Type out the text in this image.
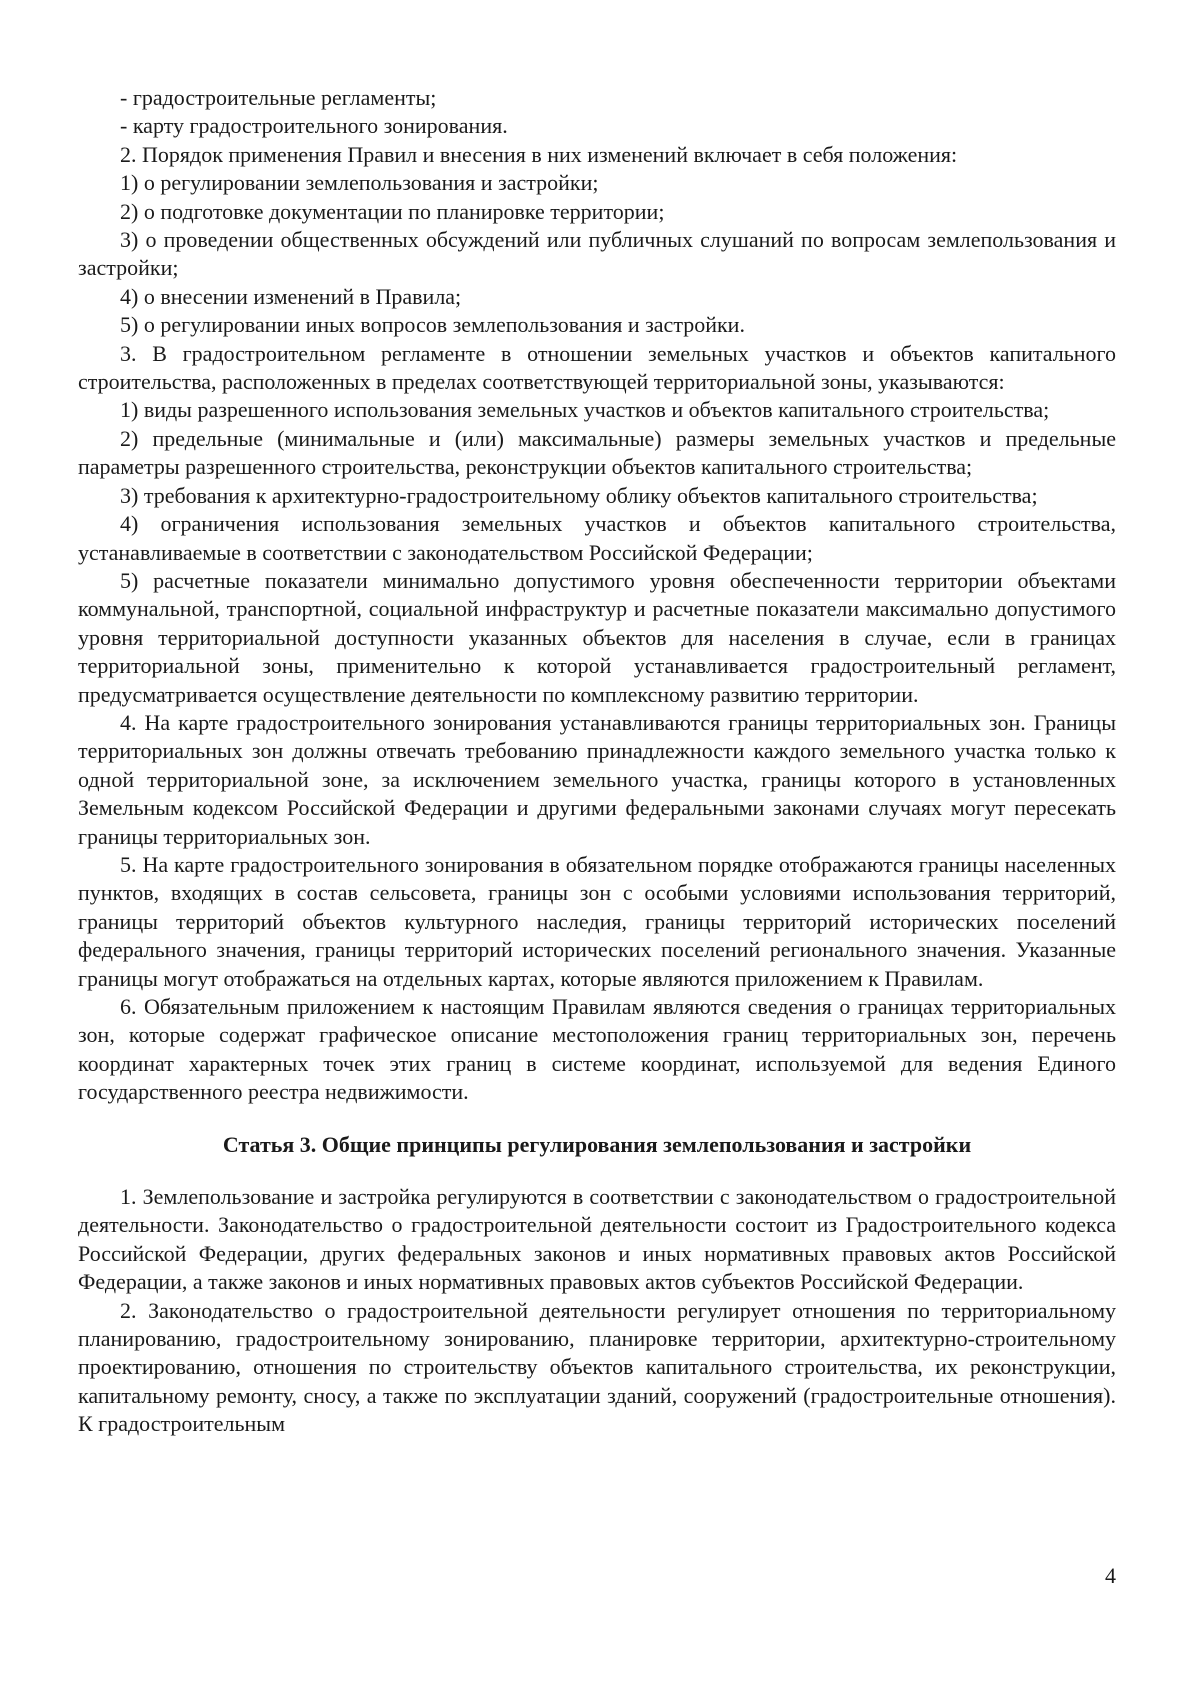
- градостроительные регламенты;

- карту градостроительного зонирования.

2. Порядок применения Правил и внесения в них изменений включает в себя положения:

1) о регулировании землепользования и застройки;

2) о подготовке документации по планировке территории;

3) о проведении общественных обсуждений или публичных слушаний по вопросам землепользования и застройки;

4) о внесении изменений в Правила;

5) о регулировании иных вопросов землепользования и застройки.

3. В градостроительном регламенте в отношении земельных участков и объектов капитального строительства, расположенных в пределах соответствующей территориальной зоны, указываются:

1) виды разрешенного использования земельных участков и объектов капитального строительства;

2) предельные (минимальные и (или) максимальные) размеры земельных участков и предельные параметры разрешенного строительства, реконструкции объектов капитального строительства;

3) требования к архитектурно-градостроительному облику объектов капитального строительства;

4) ограничения использования земельных участков и объектов капитального строительства, устанавливаемые в соответствии с законодательством Российской Федерации;

5) расчетные показатели минимально допустимого уровня обеспеченности территории объектами коммунальной, транспортной, социальной инфраструктур и расчетные показатели максимально допустимого уровня территориальной доступности указанных объектов для населения в случае, если в границах территориальной зоны, применительно к которой устанавливается градостроительный регламент, предусматривается осуществление деятельности по комплексному развитию территории.

4. На карте градостроительного зонирования устанавливаются границы территориальных зон. Границы территориальных зон должны отвечать требованию принадлежности каждого земельного участка только к одной территориальной зоне, за исключением земельного участка, границы которого в установленных Земельным кодексом Российской Федерации и другими федеральными законами случаях могут пересекать границы территориальных зон.

5. На карте градостроительного зонирования в обязательном порядке отображаются границы населенных пунктов, входящих в состав сельсовета, границы зон с особыми условиями использования территорий, границы территорий объектов культурного наследия, границы территорий исторических поселений федерального значения, границы территорий исторических поселений регионального значения. Указанные границы могут отображаться на отдельных картах, которые являются приложением к Правилам.

6. Обязательным приложением к настоящим Правилам являются сведения о границах территориальных зон, которые содержат графическое описание местоположения границ территориальных зон, перечень координат характерных точек этих границ в системе координат, используемой для ведения Единого государственного реестра недвижимости.

Статья 3. Общие принципы регулирования землепользования и застройки

1. Землепользование и застройка регулируются в соответствии с законодательством о градостроительной деятельности. Законодательство о градостроительной деятельности состоит из Градостроительного кодекса Российской Федерации, других федеральных законов и иных нормативных правовых актов Российской Федерации, а также законов и иных нормативных правовых актов субъектов Российской Федерации.

2. Законодательство о градостроительной деятельности регулирует отношения по территориальному планированию, градостроительному зонированию, планировке территории, архитектурно-строительному проектированию, отношения по строительству объектов капитального строительства, их реконструкции, капитальному ремонту, сносу, а также по эксплуатации зданий, сооружений (градостроительные отношения). К градостроительным

4
